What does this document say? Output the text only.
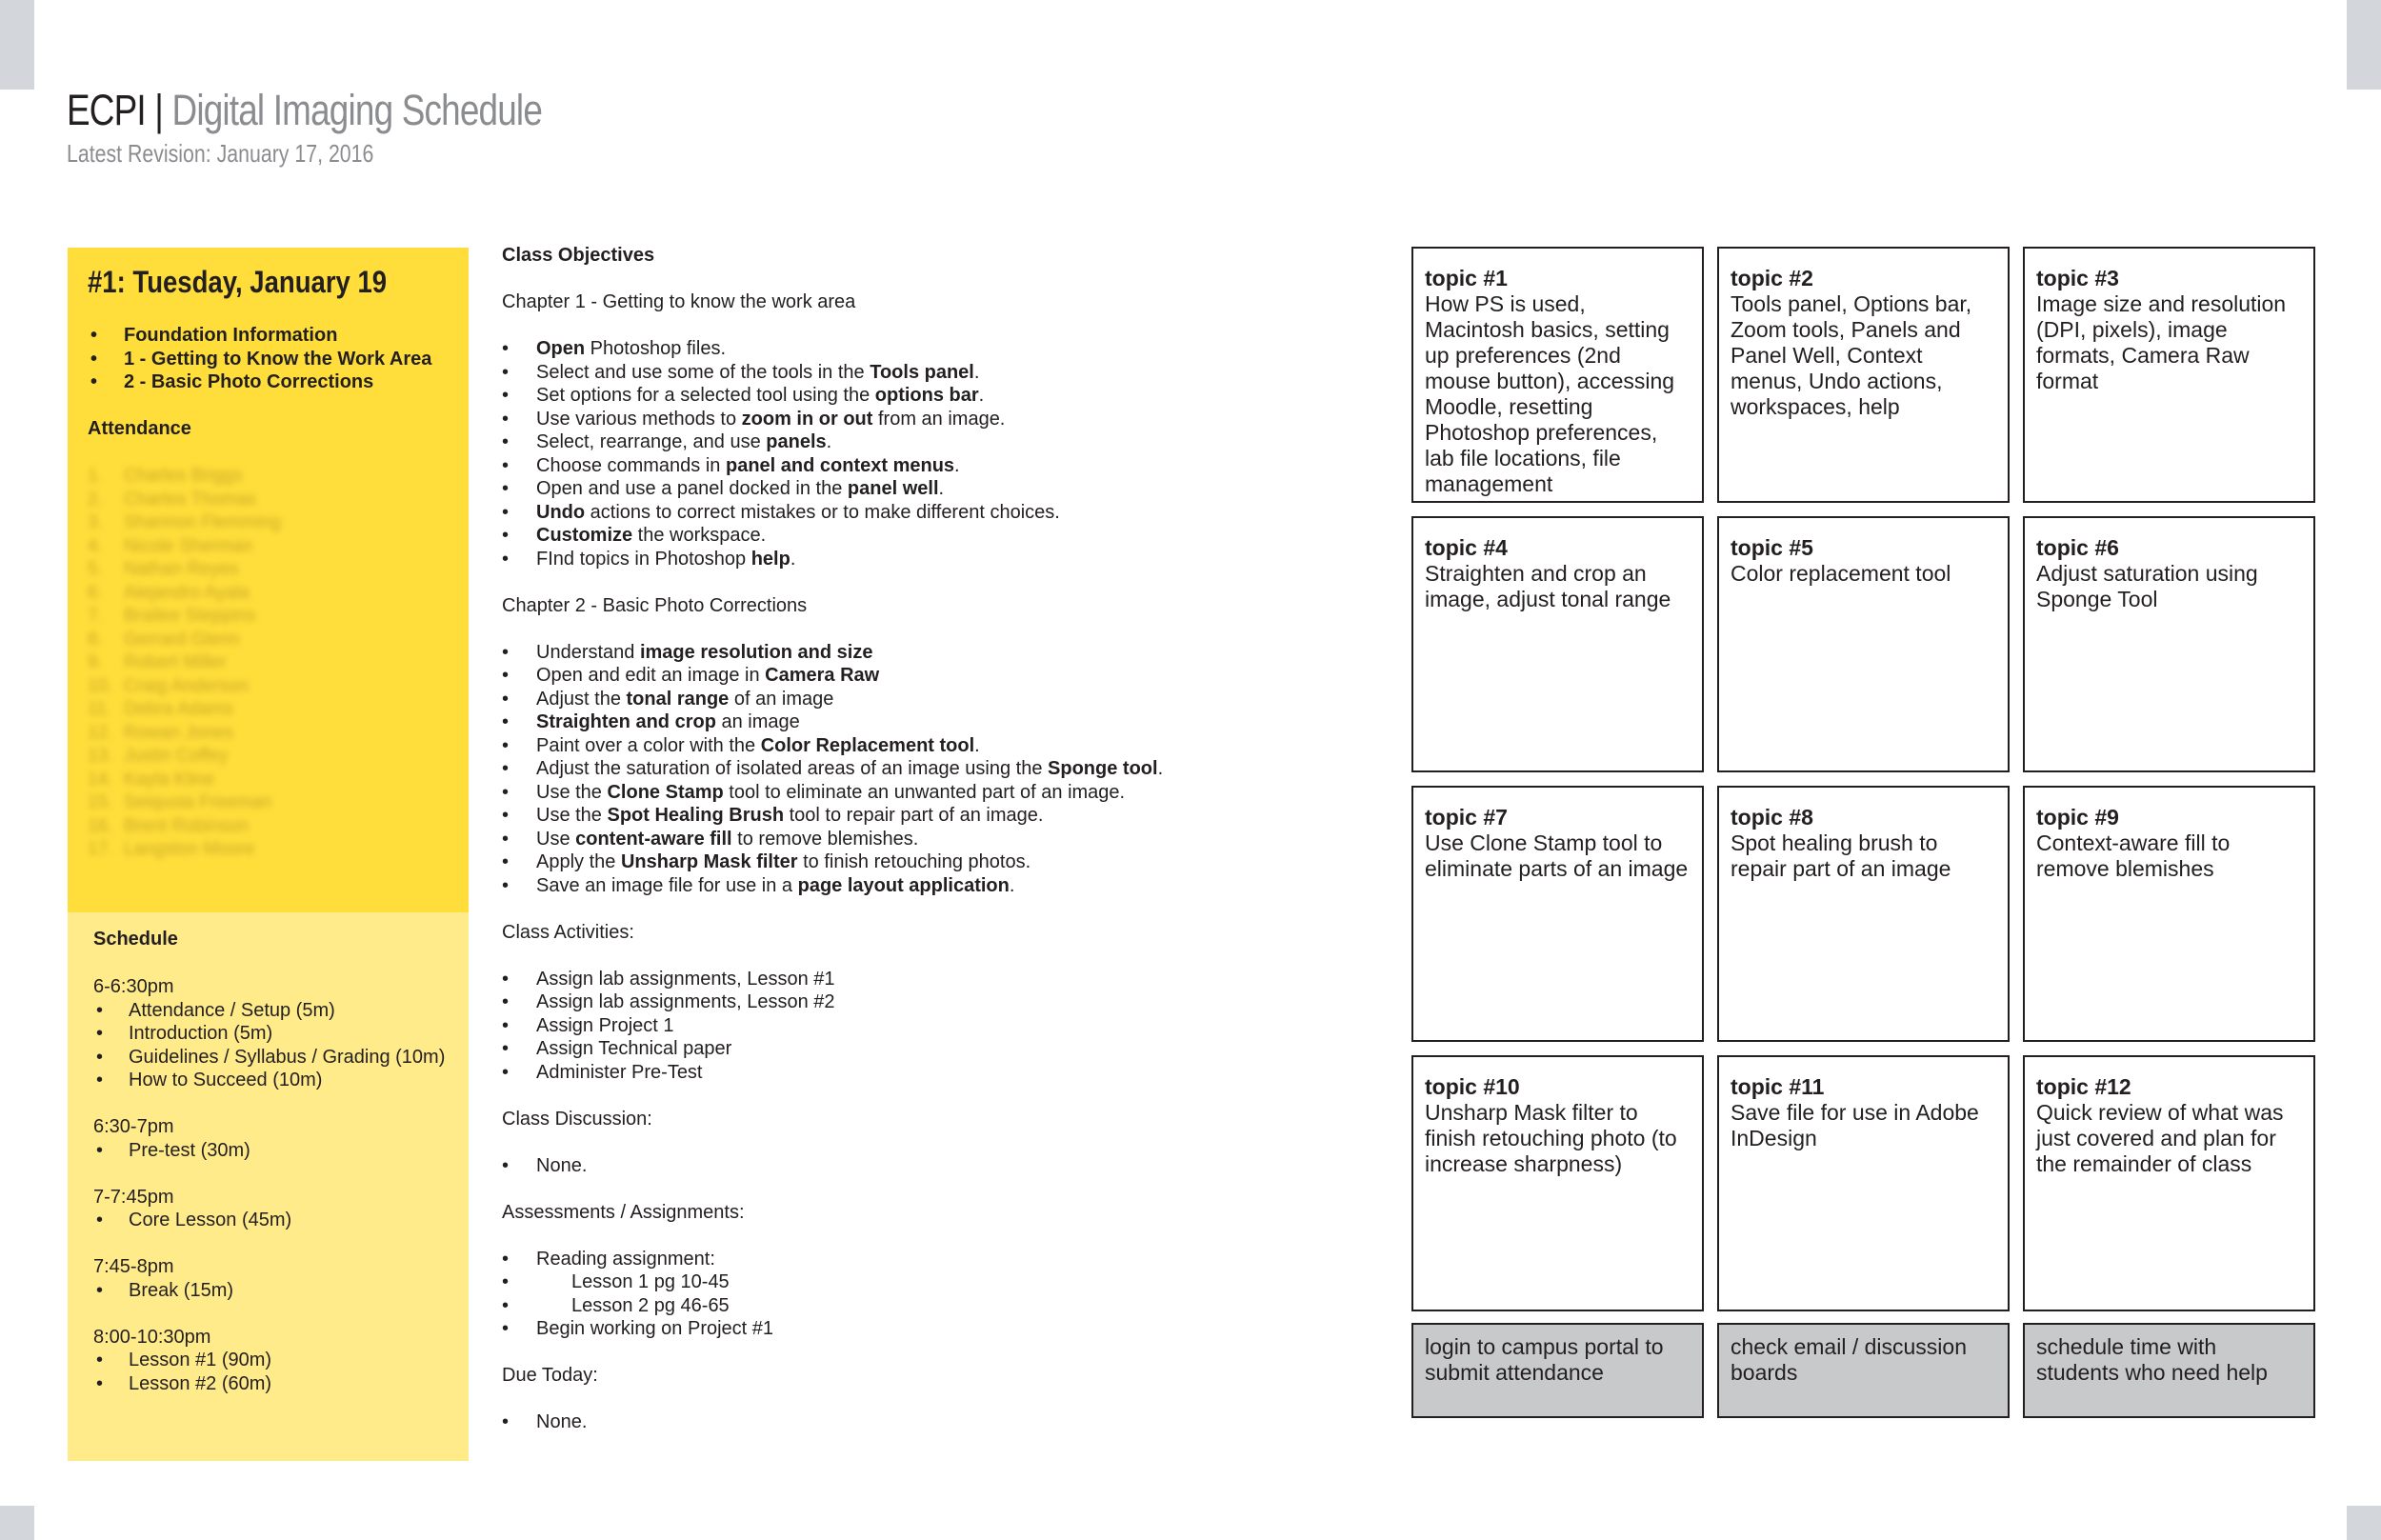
ECPI | Digital Imaging Schedule
Latest Revision: January 17, 2016
#1: Tuesday, January 19
• Foundation Information
• 1 - Getting to Know the Work Area
• 2 - Basic Photo Corrections
Attendance
1. Charles Briggs
2. Charles Thomas
3. Shannon Flemming
4. Nicole Sherman
5. Nathan Reyes
6. Alejandro Ayala
7. Brailee Steppins
8. Gerrard Glenn
9. Robert Miller
10. Craig Anderson
11. Debra Adams
12. Rowan Jones
13. Justin Coffey
14. Kayla Kline
15. Seiquoia Freeman
16. Brent Robinson
17. Langston Moore
Schedule
6-6:30pm
• Attendance / Setup (5m)
• Introduction (5m)
• Guidelines / Syllabus / Grading (10m)
• How to Succeed (10m)
6:30-7pm
• Pre-test (30m)
7-7:45pm
• Core Lesson (45m)
7:45-8pm
• Break (15m)
8:00-10:30pm
• Lesson #1 (90m)
• Lesson #2 (60m)
Class Objectives
Chapter 1 - Getting to know the work area
• Open Photoshop files.
• Select and use some of the tools in the Tools panel.
• Set options for a selected tool using the options bar.
• Use various methods to zoom in or out from an image.
• Select, rearrange, and use panels.
• Choose commands in panel and context menus.
• Open and use a panel docked in the panel well.
• Undo actions to correct mistakes or to make different choices.
• Customize the workspace.
• FInd topics in Photoshop help.
Chapter 2 - Basic Photo Corrections
• Understand image resolution and size
• Open and edit an image in Camera Raw
• Adjust the tonal range of an image
• Straighten and crop an image
• Paint over a color with the Color Replacement tool.
• Adjust the saturation of isolated areas of an image using the Sponge tool.
• Use the Clone Stamp tool to eliminate an unwanted part of an image.
• Use the Spot Healing Brush tool to repair part of an image.
• Use content-aware fill to remove blemishes.
• Apply the Unsharp Mask filter to finish retouching photos.
• Save an image file for use in a page layout application.
Class Activities:
• Assign lab assignments, Lesson #1
• Assign lab assignments, Lesson #2
• Assign Project 1
• Assign Technical paper
• Administer Pre-Test
Class Discussion:
• None.
Assessments / Assignments:
• Reading assignment:
• Lesson 1 pg 10-45
• Lesson 2 pg 46-65
• Begin working on Project #1
Due Today:
• None.
topic #1
How PS is used, Macintosh basics, setting up preferences (2nd mouse button), accessing Moodle, resetting Photoshop preferences, lab file locations, file management
topic #2
Tools panel, Options bar, Zoom tools, Panels and Panel Well, Context menus, Undo actions, workspaces, help
topic #3
Image size and resolution (DPI, pixels), image formats, Camera Raw format
topic #4
Straighten and crop an image, adjust tonal range
topic #5
Color replacement tool
topic #6
Adjust saturation using Sponge Tool
topic #7
Use Clone Stamp tool to eliminate parts of an image
topic #8
Spot healing brush to repair part of an image
topic #9
Context-aware fill to remove blemishes
topic #10
Unsharp Mask filter to finish retouching photo (to increase sharpness)
topic #11
Save file for use in Adobe InDesign
topic #12
Quick review of what was just covered and plan for the remainder of class
login to campus portal to submit attendance
check email / discussion boards
schedule time with students who need help
